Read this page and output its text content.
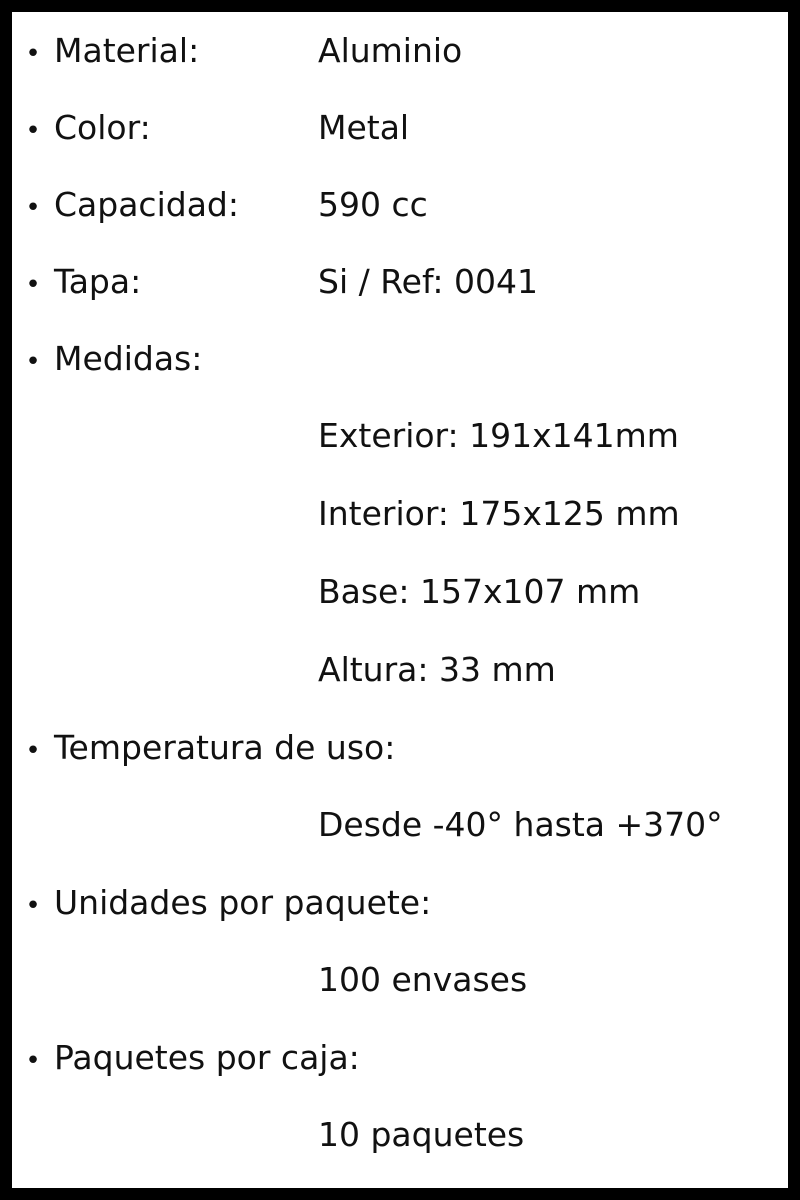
• Material:	Aluminio
• Color:	Metal
• Capacidad:	590 cc
• Tapa:	Si / Ref: 0041
• Medidas:
Exterior: 191x141mm
Interior: 175x125 mm
Base: 157x107 mm
Altura: 33 mm
• Temperatura de uso:
Desde -40° hasta +370°
• Unidades por paquete:
100 envases
• Paquetes por caja:
10 paquetes
